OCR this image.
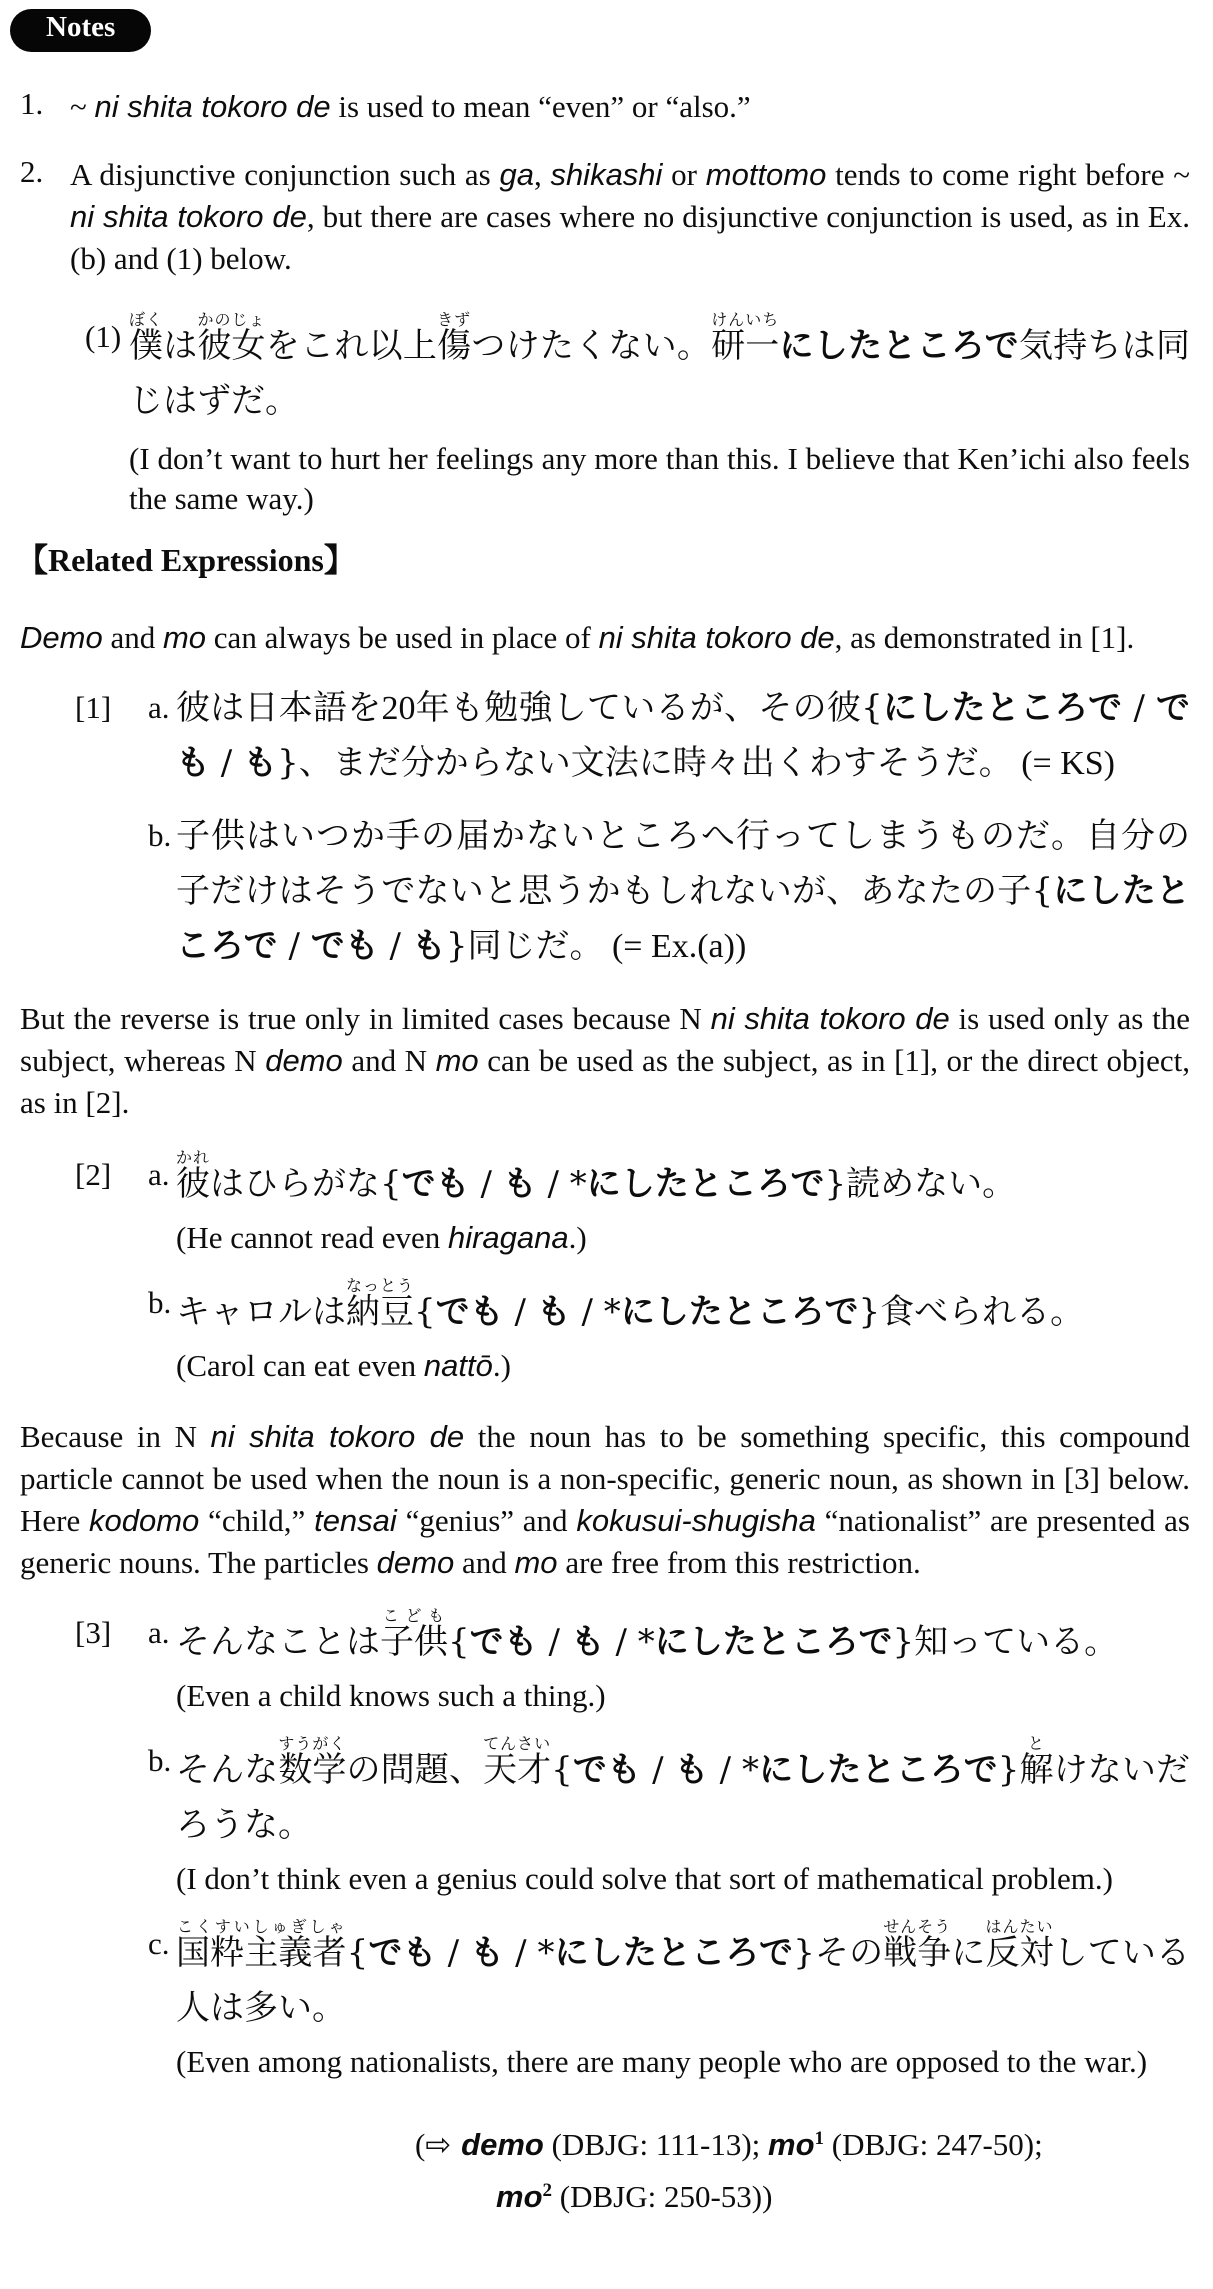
Notes
1. ~ ni shita tokoro de is used to mean “even” or “also.”

2. A disjunctive conjunction such as ga, shikashi or mottomo tends to come right before ~ ni shita tokoro de, but there are cases where no disjunctive conjunction is used, as in Ex.(b) and (1) below.

(1) 僕ぼくは彼女かのじょをこれ以上傷きずつけたくない。研一けんいちにしたところで気持ちは同じはずだ。

(I don’t want to hurt her feelings any more than this. I believe that Ken’ichi also feels the same way.)

【Related Expressions】

Demo and mo can always be used in place of ni shita tokoro de, as demonstrated in [1].

[1]	a. 彼は日本語を20年も勉強しているが、その彼{にしたところで / でも / も}、まだ分からない文法に時々出くわすそうだ。 (= KS)

b. 子供はいつか手の届かないところへ行ってしまうものだ。自分の子だけはそうでないと思うかもしれないが、あなたの子{にしたところで / でも / も}同じだ。 (= Ex.(a))

But the reverse is true only in limited cases because N ni shita tokoro de is used only as the subject, whereas N demo and N mo can be used as the subject, as in [1], or the direct object, as in [2].

[2]	a. 彼かれはひらがな{でも / も / *にしたところで}読めない。

(He cannot read even hiragana.)

b. キャロルは納豆なっとう{でも / も / *にしたところで}食べられる。

(Carol can eat even nattō.)

Because in N ni shita tokoro de the noun has to be something specific, this compound particle cannot be used when the noun is a non-specific, generic noun, as shown in [3] below. Here kodomo “child,” tensai “genius” and kokusui-shugisha “nationalist” are presented as generic nouns. The particles demo and mo are free from this restriction.

[3]	a. そんなことは子供こども{でも / も / *にしたところで}知っている。

(Even a child knows such a thing.)

b. そんな数学すうがくの問題、天才てんさい{でも / も / *にしたところで}解とけないだろうな。

(I don’t think even a genius could solve that sort of mathematical problem.)

c. 国粋主義者こくすいしゅぎしゃ{でも / も / *にしたところで}その戦争せんそうに反対はんたいしている人は多い。

(Even among nationalists, there are many people who are opposed to the war.)

(⇨ demo (DBJG: 111-13); $mo^1$ (DBJG: 247-50);
$mo^2$ (DBJG: 250-53))
